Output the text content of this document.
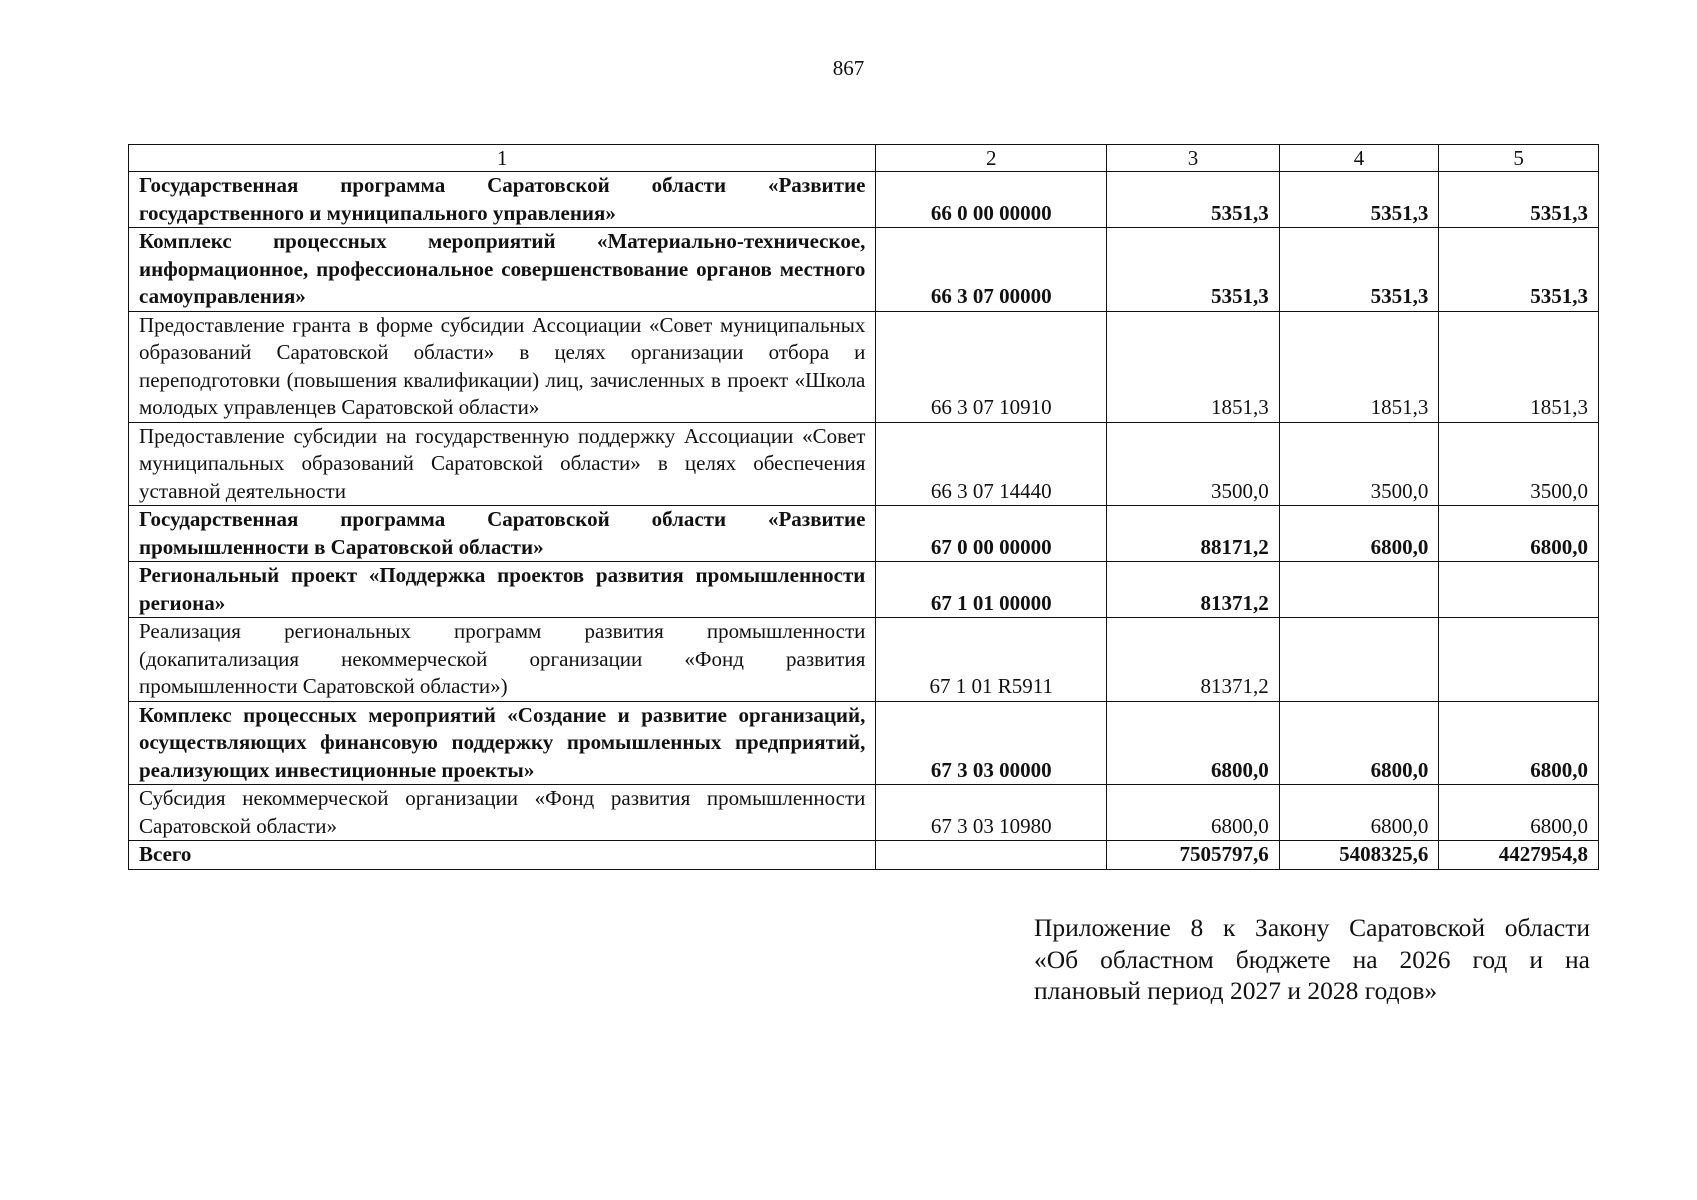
867
1	2	3	4	5
Государственная программа Саратовской области «Развитие государственного и муниципального управления»	66 0 00 00000	5351,3	5351,3	5351,3
Комплекс процессных мероприятий «Материально-техническое, информационное, профессиональное совершенствование органов местного самоуправления»	66 3 07 00000	5351,3	5351,3	5351,3
Предоставление гранта в форме субсидии Ассоциации «Совет муниципальных образований Саратовской области» в целях организации отбора и переподготовки (повышения квалификации) лиц, зачисленных в проект «Школа молодых управленцев Саратовской области»	66 3 07 10910	1851,3	1851,3	1851,3
Предоставление субсидии на государственную поддержку Ассоциации «Совет муниципальных образований Саратовской области» в целях обеспечения уставной деятельности	66 3 07 14440	3500,0	3500,0	3500,0
Государственная программа Саратовской области «Развитие промышленности в Саратовской области»	67 0 00 00000	88171,2	6800,0	6800,0
Региональный проект «Поддержка проектов развития промышленности региона»	67 1 01 00000	81371,2		
Реализация региональных программ развития промышленности (докапитализация некоммерческой организации «Фонд развития промышленности Саратовской области»)	67 1 01 R5911	81371,2		
Комплекс процессных мероприятий «Создание и развитие организаций, осуществляющих финансовую поддержку промышленных предприятий, реализующих инвестиционные проекты»	67 3 03 00000	6800,0	6800,0	6800,0
Субсидия некоммерческой организации «Фонд развития промышленности Саратовской области»	67 3 03 10980	6800,0	6800,0	6800,0
Всего		7505797,6	5408325,6	4427954,8
Приложение 8 к Закону Саратовской области
«Об областном бюджете на 2026 год и на
плановый период 2027 и 2028 годов»
